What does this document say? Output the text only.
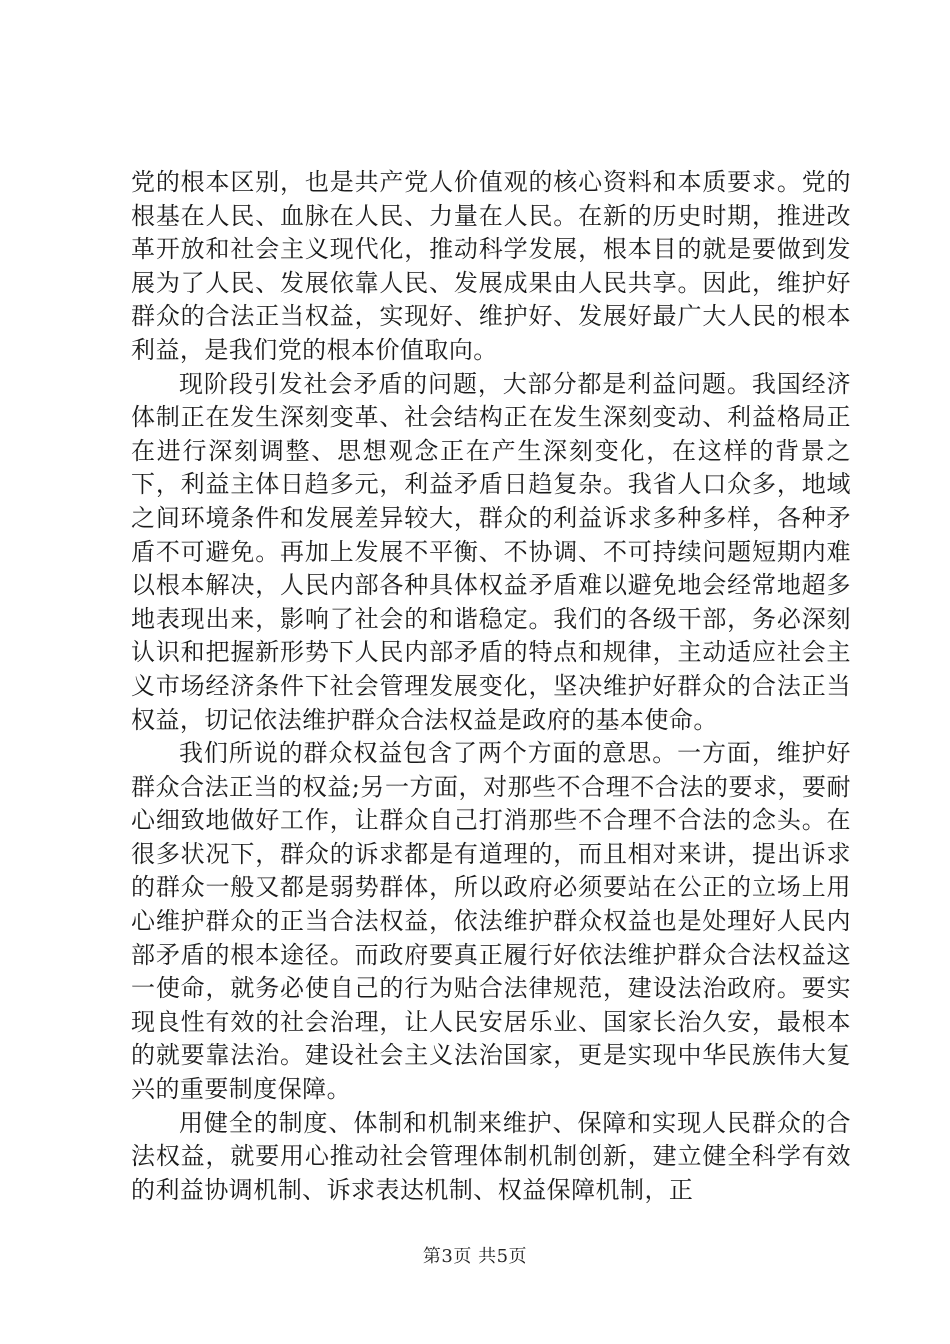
党的根本区别，也是共产党人价值观的核心资料和本质要求。党的根基在人民、血脉在人民、力量在人民。在新的历史时期，推进改革开放和社会主义现代化，推动科学发展，根本目的就是要做到发展为了人民、发展依靠人民、发展成果由人民共享。因此，维护好群众的合法正当权益，实现好、维护好、发展好最广大人民的根本利益，是我们党的根本价值取向。

现阶段引发社会矛盾的问题，大部分都是利益问题。我国经济体制正在发生深刻变革、社会结构正在发生深刻变动、利益格局正在进行深刻调整、思想观念正在产生深刻变化，在这样的背景之下，利益主体日趋多元，利益矛盾日趋复杂。我省人口众多，地域之间环境条件和发展差异较大，群众的利益诉求多种多样，各种矛盾不可避免。再加上发展不平衡、不协调、不可持续问题短期内难以根本解决，人民内部各种具体权益矛盾难以避免地会经常地超多地表现出来，影响了社会的和谐稳定。我们的各级干部，务必深刻认识和把握新形势下人民内部矛盾的特点和规律，主动适应社会主义市场经济条件下社会管理发展变化，坚决维护好群众的合法正当权益，切记依法维护群众合法权益是政府的基本使命。

我们所说的群众权益包含了两个方面的意思。一方面，维护好群众合法正当的权益;另一方面，对那些不合理不合法的要求，要耐心细致地做好工作，让群众自己打消那些不合理不合法的念头。在很多状况下，群众的诉求都是有道理的，而且相对来讲，提出诉求的群众一般又都是弱势群体，所以政府必须要站在公正的立场上用心维护群众的正当合法权益，依法维护群众权益也是处理好人民内部矛盾的根本途径。而政府要真正履行好依法维护群众合法权益这一使命，就务必使自己的行为贴合法律规范，建设法治政府。要实现良性有效的社会治理，让人民安居乐业、国家长治久安，最根本的就要靠法治。建设社会主义法治国家，更是实现中华民族伟大复兴的重要制度保障。

用健全的制度、体制和机制来维护、保障和实现人民群众的合法权益，就要用心推动社会管理体制机制创新，建立健全科学有效的利益协调机制、诉求表达机制、权益保障机制，正

第3页 共5页
